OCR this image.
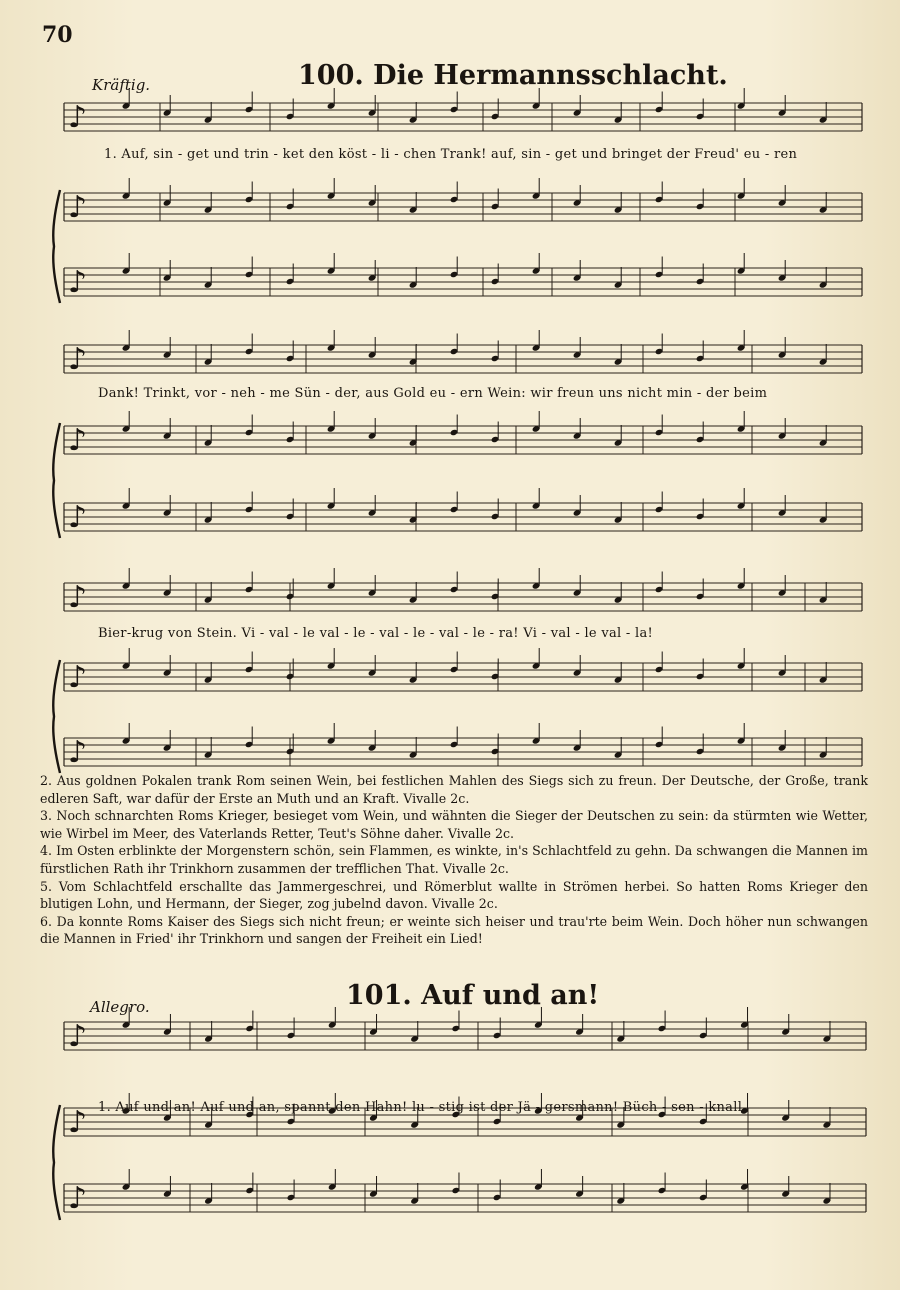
70
Kräftig.	100. Die Hermannsschlacht.
♪
♪
♪
♪
♪
♪
♪
♪
♪
♪
♪
♪
1. Auf, sin - get und trin - ket den köst - li - chen Trank! auf, sin - get und bringet der Freud' eu - ren
Dank! Trinkt, vor - neh - me Sün - der, aus Gold eu - ern Wein: wir freun uns nicht min - der beim
Bier-krug von Stein. Vi - val - le val - le - val - le - val - le - ra! Vi - val - le val - la!
2. Aus goldnen Pokalen trank Rom seinen Wein, bei festlichen Mahlen des Siegs sich zu freun. Der Deutsche, der Große, trank edleren Saft, war dafür der Erste an Muth und an Kraft. Vivalle 2c.
3. Noch schnarchten Roms Krieger, besieget vom Wein, und wähnten die Sieger der Deutschen zu sein: da stürmten wie Wetter, wie Wirbel im Meer, des Vaterlands Retter, Teut's Söhne daher. Vivalle 2c.
4. Im Osten erblinkte der Morgenstern schön, sein Flammen, es winkte, in's Schlachtfeld zu gehn. Da schwangen die Mannen im fürstlichen Rath ihr Trinkhorn zusammen der trefflichen That. Vivalle 2c.
5. Vom Schlachtfeld erschallte das Jammergeschrei, und Römerblut wallte in Strömen herbei. So hatten Roms Krieger den blutigen Lohn, und Hermann, der Sieger, zog jubelnd davon. Vivalle 2c.
6. Da konnte Roms Kaiser des Siegs sich nicht freun; er weinte sich heiser und trau'rte beim Wein. Doch höher nun schwangen die Mannen in Fried' ihr Trinkhorn und sangen der Freiheit ein Lied!
Allegro.	101. Auf und an!
1. Auf und an! Auf und an, spannt den Hahn! lu - stig ist der Jä - gersmann! Büch - sen - knall,
